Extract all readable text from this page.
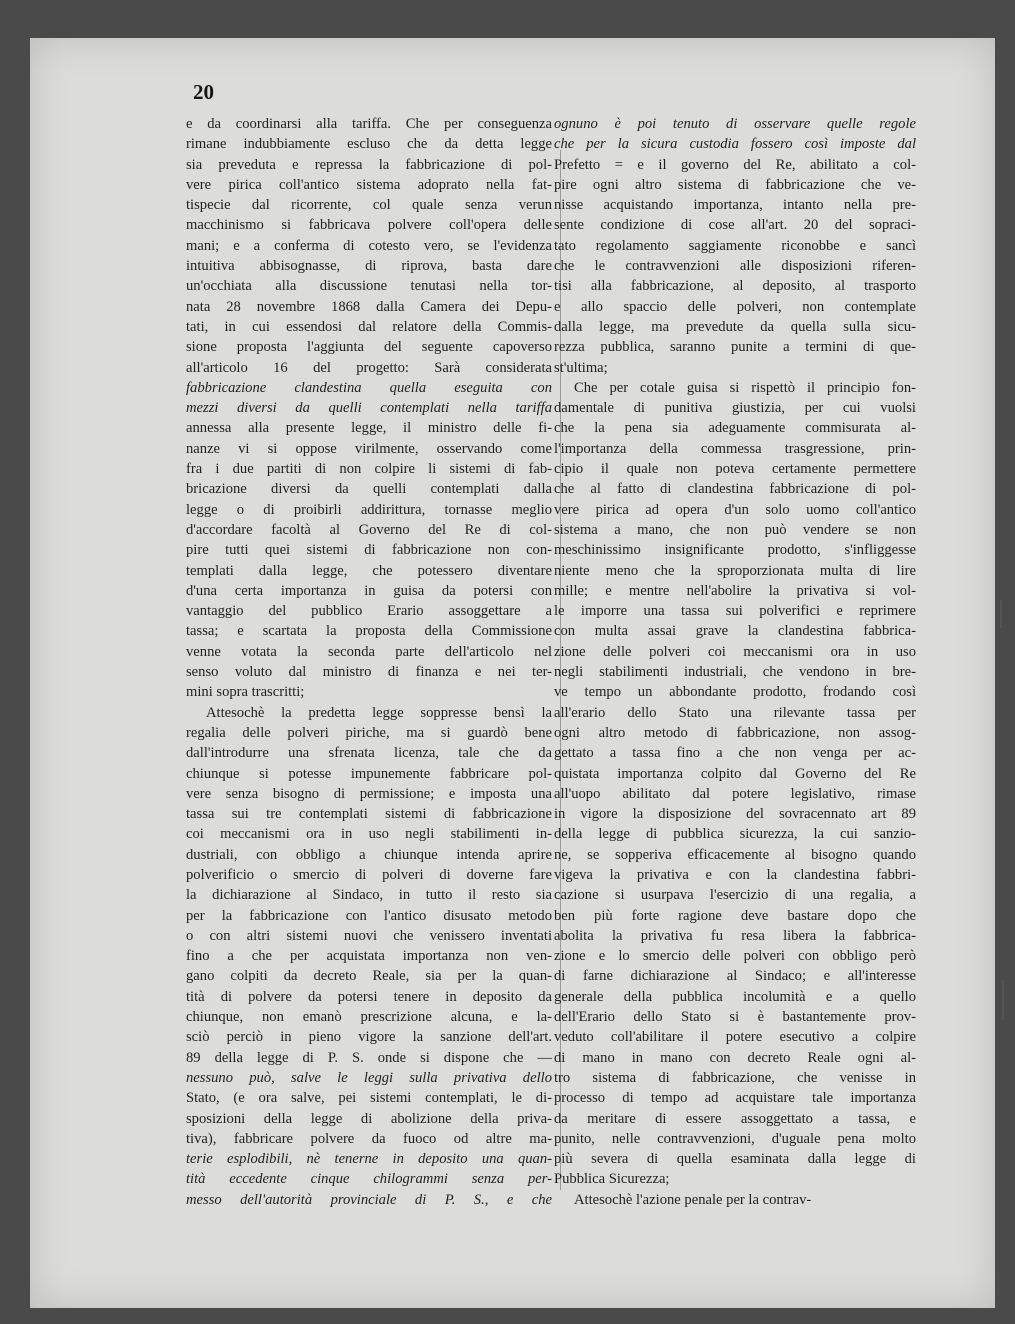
20
e da coordinarsi alla tariffa. Che per conseguenza
rimane indubbiamente escluso che da detta legge
sia preveduta e repressa la fabbricazione di pol-
vere pirica coll'antico sistema adoprato nella fat-
tispecie dal ricorrente, col quale senza verun
macchinismo si fabbricava polvere coll'opera delle
mani; e a conferma di cotesto vero, se l'evidenza
intuitiva abbisognasse, di riprova, basta dare
un'occhiata alla discussione tenutasi nella tor-
nata 28 novembre 1868 dalla Camera dei Depu-
tati, in cui essendosi dal relatore della Commis-
sione proposta l'aggiunta del seguente capoverso
all'articolo 16 del progetto: Sarà considerata
fabbricazione clandestina quella eseguita con
mezzi diversi da quelli contemplati nella tariffa
annessa alla presente legge, il ministro delle fi-
nanze vi si oppose virilmente, osservando come
fra i due partiti di non colpire li sistemi di fab-
bricazione diversi da quelli contemplati dalla
legge o di proibirli addirittura, tornasse meglio
d'accordare facoltà al Governo del Re di col-
pire tutti quei sistemi di fabbricazione non con-
templati dalla legge, che potessero diventare
d'una certa importanza in guisa da potersi con
vantaggio del pubblico Erario assoggettare a
tassa; e scartata la proposta della Commissione
venne votata la seconda parte dell'articolo nel
senso voluto dal ministro di finanza e nei ter-
mini sopra trascritti;
Attesochè la predetta legge soppresse bensì la
regalia delle polveri piriche, ma si guardò bene
dall'introdurre una sfrenata licenza, tale che da
chiunque si potesse impunemente fabbricare pol-
vere senza bisogno di permissione; e imposta una
tassa sui tre contemplati sistemi di fabbricazione
coi meccanismi ora in uso negli stabilimenti in-
dustriali, con obbligo a chiunque intenda aprire
polverificio o smercio di polveri di doverne fare
la dichiarazione al Sindaco, in tutto il resto sia
per la fabbricazione con l'antico disusato metodo
o con altri sistemi nuovi che venissero inventati
fino a che per acquistata importanza non ven-
gano colpiti da decreto Reale, sia per la quan-
tità di polvere da potersi tenere in deposito da
chiunque, non emanò prescrizione alcuna, e la-
sciò perciò in pieno vigore la sanzione dell'art.
89 della legge di P. S. onde si dispone che —
nessuno può, salve le leggi sulla privativa dello
Stato, (e ora salve, pei sistemi contemplati, le di-
sposizioni della legge di abolizione della priva-
tiva), fabbricare polvere da fuoco od altre ma-
terie esplodibili, nè tenerne in deposito una quan-
tità eccedente cinque chilogrammi senza per-
messo dell'autorità provinciale di P. S., e che
ognuno è poi tenuto di osservare quelle regole
che per la sicura custodia fossero così imposte dal
Prefetto = e il governo del Re, abilitato a col-
pire ogni altro sistema di fabbricazione che ve-
nisse acquistando importanza, intanto nella pre-
sente condizione di cose all'art. 20 del sopraci-
tato regolamento saggiamente riconobbe e sancì
che le contravvenzioni alle disposizioni riferen-
tisi alla fabbricazione, al deposito, al trasporto
e allo spaccio delle polveri, non contemplate
dalla legge, ma prevedute da quella sulla sicu-
rezza pubblica, saranno punite a termini di que-
st'ultima;
Che per cotale guisa si rispettò il principio fon-
damentale di punitiva giustizia, per cui vuolsi
che la pena sia adeguamente commisurata al-
l'importanza della commessa trasgressione, prin-
cipio il quale non poteva certamente permettere
che al fatto di clandestina fabbricazione di pol-
vere pirica ad opera d'un solo uomo coll'antico
sistema a mano, che non può vendere se non
meschinissimo insignificante prodotto, s'infliggesse
niente meno che la sproporzionata multa di lire
mille; e mentre nell'abolire la privativa si vol-
le imporre una tassa sui polverifici e reprimere
con multa assai grave la clandestina fabbrica-
zione delle polveri coi meccanismi ora in uso
negli stabilimenti industriali, che vendono in bre-
ve tempo un abbondante prodotto, frodando così
all'erario dello Stato una rilevante tassa per
ogni altro metodo di fabbricazione, non assog-
gettato a tassa fino a che non venga per ac-
quistata importanza colpito dal Governo del Re
all'uopo abilitato dal potere legislativo, rimase
in vigore la disposizione del sovracennato art 89
della legge di pubblica sicurezza, la cui sanzio-
ne, se sopperiva efficacemente al bisogno quando
vigeva la privativa e con la clandestina fabbri-
cazione si usurpava l'esercizio di una regalia, a
ben più forte ragione deve bastare dopo che
abolita la privativa fu resa libera la fabbrica-
zione e lo smercio delle polveri con obbligo però
di farne dichiarazione al Sindaco; e all'interesse
generale della pubblica incolumità e a quello
dell'Erario dello Stato si è bastantemente prov-
veduto coll'abilitare il potere esecutivo a colpire
di mano in mano con decreto Reale ogni al-
tro sistema di fabbricazione, che venisse in
processo di tempo ad acquistare tale importanza
da meritare di essere assoggettato a tassa, e
punito, nelle contravvenzioni, d'uguale pena molto
più severa di quella esaminata dalla legge di
Pubblica Sicurezza;
Attesochè l'azione penale per la contrav-
